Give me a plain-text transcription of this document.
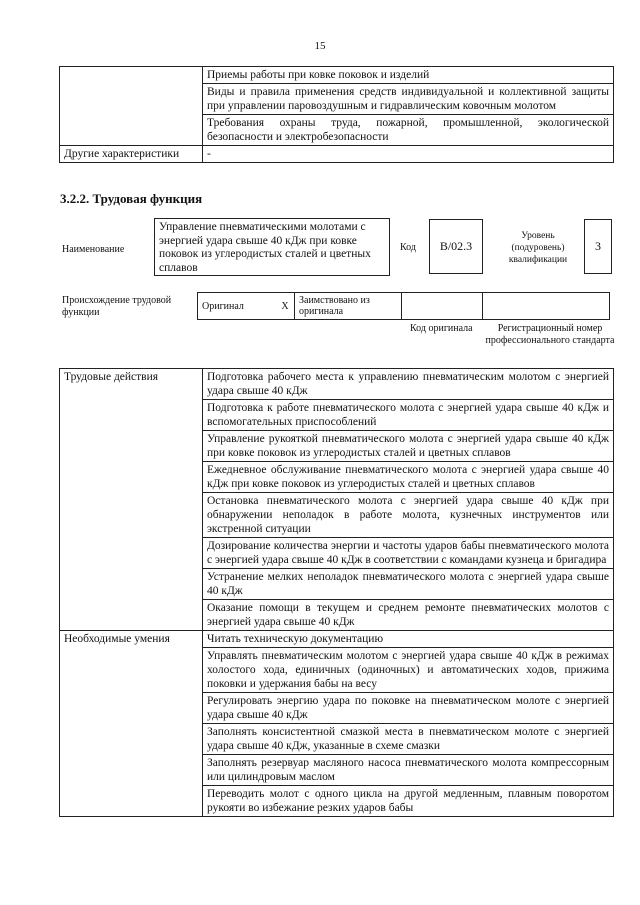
15
	Приемы работы при ковке поковок и изделий
	Виды и правила применения средств индивидуальной и коллективной защиты при управлении паровоздушным и гидравлическим ковочным молотом
	Требования охраны труда, пожарной, промышленной, экологической безопасности и электробезопасности
Другие характеристики	-
3.2.2. Трудовая функция
Наименование
Управление пневматическими молотами с энергией удара свыше 40 кДж при ковке поковок из углеродистых сталей и цветных сплавов
Код	B/02.3
Уровень (подуровень) квалификации
3
Происхождение трудовой функции
Оригинал	X	Заимствовано из оригинала		
Код оригинала	Регистрационный номер профессионального стандарта
Трудовые действия	Подготовка рабочего места к управлению пневматическим молотом с энергией удара свыше 40 кДж
	Подготовка к работе пневматического молота с энергией удара свыше 40 кДж и вспомогательных приспособлений
	Управление рукояткой пневматического молота с энергией удара свыше 40 кДж при ковке поковок из углеродистых сталей и цветных сплавов
	Ежедневное обслуживание пневматического молота с энергией удара свыше 40 кДж при ковке поковок из углеродистых сталей и цветных сплавов
	Остановка пневматического молота с энергией удара свыше 40 кДж при обнаружении неполадок в работе молота, кузнечных инструментов или экстренной ситуации
	Дозирование количества энергии и частоты ударов бабы пневматического молота с энергией удара свыше 40 кДж в соответствии с командами кузнеца и бригадира
	Устранение мелких неполадок пневматического молота с энергией удара свыше 40 кДж
	Оказание помощи в текущем и среднем ремонте пневматических молотов с энергией удара свыше 40 кДж
Необходимые умения	Читать техническую документацию
	Управлять пневматическим молотом с энергией удара свыше 40 кДж в режимах холостого хода, единичных (одиночных) и автоматических ходов, прижима поковки и удержания бабы на весу
	Регулировать энергию удара по поковке на пневматическом молоте с энергией удара свыше 40 кДж
	Заполнять консистентной смазкой места в пневматическом молоте с энергией удара свыше 40 кДж, указанные в схеме смазки
	Заполнять резервуар масляного насоса пневматического молота компрессорным или цилиндровым маслом
	Переводить молот с одного цикла на другой медленным, плавным поворотом рукояти во избежание резких ударов бабы
